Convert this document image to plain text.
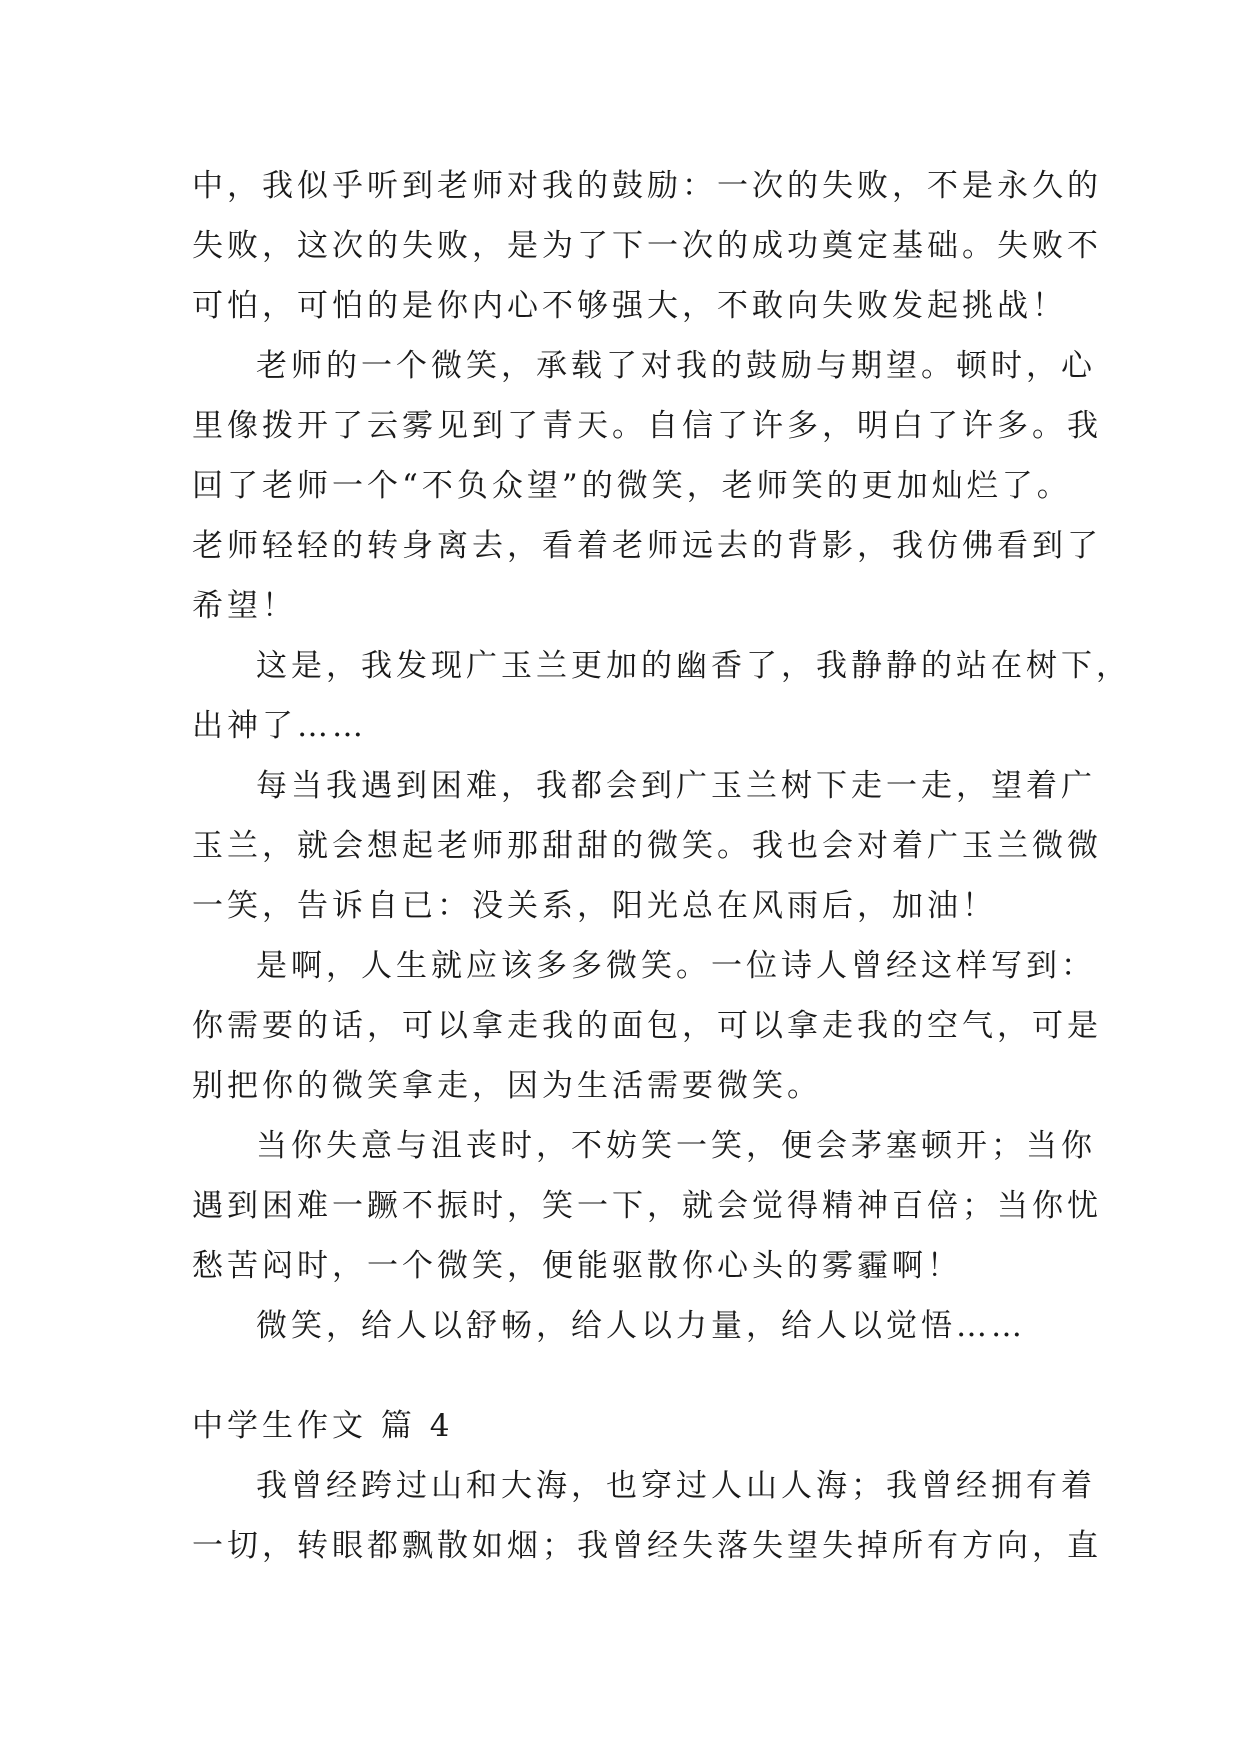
中，我似乎听到老师对我的鼓励：一次的失败，不是永久的
失败，这次的失败，是为了下一次的成功奠定基础。失败不
可怕，可怕的是你内心不够强大，不敢向失败发起挑战！
老师的一个微笑，承载了对我的鼓励与期望。顿时，心
里像拨开了云雾见到了青天。自信了许多，明白了许多。我
回了老师一个“不负众望”的微笑，老师笑的更加灿烂了。
老师轻轻的转身离去，看着老师远去的背影，我仿佛看到了
希望！
这是，我发现广玉兰更加的幽香了，我静静的站在树下，
出神了……
每当我遇到困难，我都会到广玉兰树下走一走，望着广
玉兰，就会想起老师那甜甜的微笑。我也会对着广玉兰微微
一笑，告诉自已：没关系，阳光总在风雨后，加油！
是啊，人生就应该多多微笑。一位诗人曾经这样写到：
你需要的话，可以拿走我的面包，可以拿走我的空气，可是
别把你的微笑拿走，因为生活需要微笑。
当你失意与沮丧时，不妨笑一笑，便会茅塞顿开；当你
遇到困难一蹶不振时，笑一下，就会觉得精神百倍；当你忧
愁苦闷时，一个微笑，便能驱散你心头的雾霾啊！
微笑，给人以舒畅，给人以力量，给人以觉悟……
中学生作文 篇 4
我曾经跨过山和大海，也穿过人山人海；我曾经拥有着
一切，转眼都飘散如烟；我曾经失落失望失掉所有方向，直
